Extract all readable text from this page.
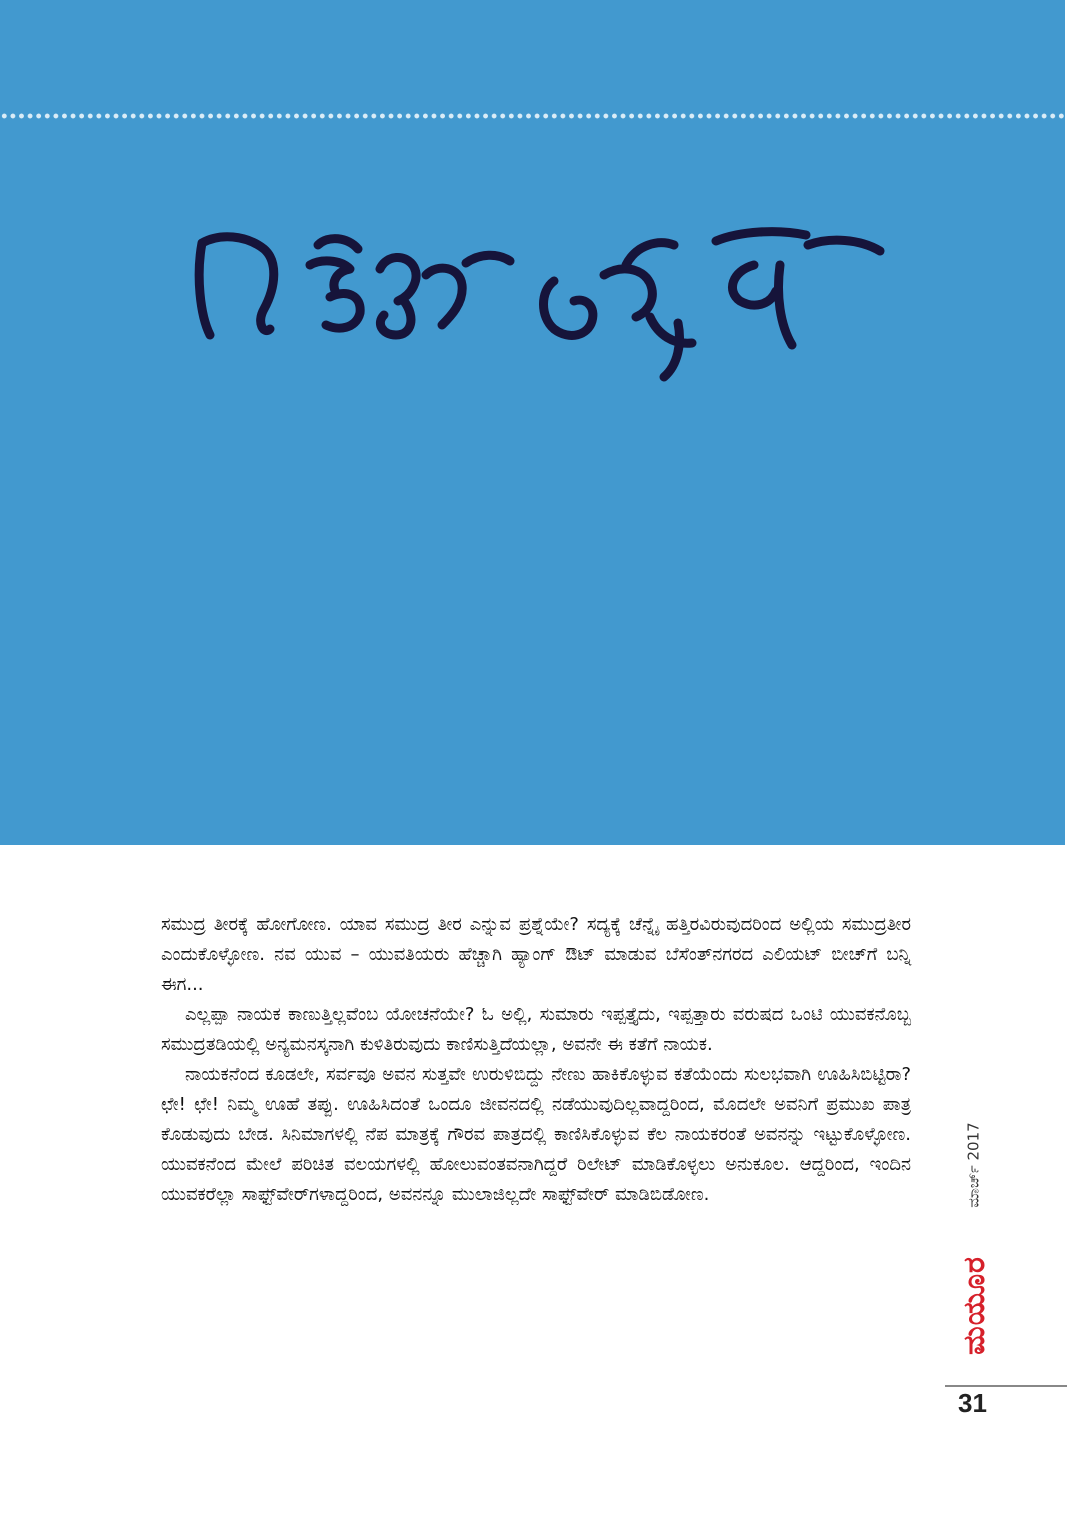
ಸಮುದ್ರ ತೀರಕ್ಕೆ ಹೋಗೋಣ. ಯಾವ ಸಮುದ್ರ ತೀರ ಎನ್ನುವ ಪ್ರಶ್ನೆಯೇ? ಸದ್ಯಕ್ಕೆ ಚೆನ್ನೈ ಹತ್ತಿರವಿರುವುದರಿಂದ ಅಲ್ಲಿಯ ಸಮುದ್ರತೀರ ಎಂದುಕೊಳ್ಳೋಣ. ನವ ಯುವ – ಯುವತಿಯರು ಹೆಚ್ಚಾಗಿ ಹ್ಯಾಂಗ್ ಔಟ್ ಮಾಡುವ ಬೆಸೆಂತ್‌ನಗರದ ಎಲಿಯಟ್ ಬೀಚ್‌ಗೆ ಬನ್ನಿ ಈಗ...

ಎಲ್ಲಪ್ಪಾ ನಾಯಕ ಕಾಣುತ್ತಿಲ್ಲವೆಂಬ ಯೋಚನೆಯೇ? ಓ ಅಲ್ಲಿ, ಸುಮಾರು ಇಪ್ಪತ್ತೈದು, ಇಪ್ಪತ್ತಾರು ವರುಷದ ಒಂಟಿ ಯುವಕನೊಬ್ಬ ಸಮುದ್ರತಡಿಯಲ್ಲಿ ಅನ್ಯಮನಸ್ಕನಾಗಿ ಕುಳಿತಿರುವುದು ಕಾಣಿಸುತ್ತಿದೆಯಲ್ಲಾ, ಅವನೇ ಈ ಕತೆಗೆ ನಾಯಕ.

ನಾಯಕನೆಂದ ಕೂಡಲೇ, ಸರ್ವವೂ ಅವನ ಸುತ್ತವೇ ಉರುಳಿಬಿದ್ದು ನೇಣು ಹಾಕಿಕೊಳ್ಳುವ ಕತೆಯೆಂದು ಸುಲಭವಾಗಿ ಊಹಿಸಿಬಿಟ್ಟಿರಾ? ಛೇ! ಛೇ! ನಿಮ್ಮ ಊಹೆ ತಪ್ಪು. ಊಹಿಸಿದಂತೆ ಒಂದೂ ಜೀವನದಲ್ಲಿ ನಡೆಯುವುದಿಲ್ಲವಾದ್ದರಿಂದ, ಮೊದಲೇ ಅವನಿಗೆ ಪ್ರಮುಖ ಪಾತ್ರ ಕೊಡುವುದು ಬೇಡ. ಸಿನಿಮಾಗಳಲ್ಲಿ ನೆಪ ಮಾತ್ರಕ್ಕೆ ಗೌರವ ಪಾತ್ರದಲ್ಲಿ ಕಾಣಿಸಿಕೊಳ್ಳುವ ಕೆಲ ನಾಯಕರಂತೆ ಅವನನ್ನು ಇಟ್ಟುಕೊಳ್ಳೋಣ. ಯುವಕನೆಂದ ಮೇಲೆ ಪರಿಚಿತ ವಲಯಗಳಲ್ಲಿ ಹೋಲುವಂತವನಾಗಿದ್ದರೆ ರಿಲೇಟ್ ಮಾಡಿಕೊಳ್ಳಲು ಅನುಕೂಲ. ಆದ್ದರಿಂದ, ಇಂದಿನ ಯುವಕರೆಲ್ಲಾ ಸಾಫ್ಟ್‌ವೇರ್‌ಗಳಾದ್ದರಿಂದ, ಅವನನ್ನೂ ಮುಲಾಜಿಲ್ಲದೇ ಸಾಫ್ಟ್‌ವೇರ್ ಮಾಡಿಬಿಡೋಣ.	ಮಾರ್ಚ್ 2017
ಮಯೂರ
31
